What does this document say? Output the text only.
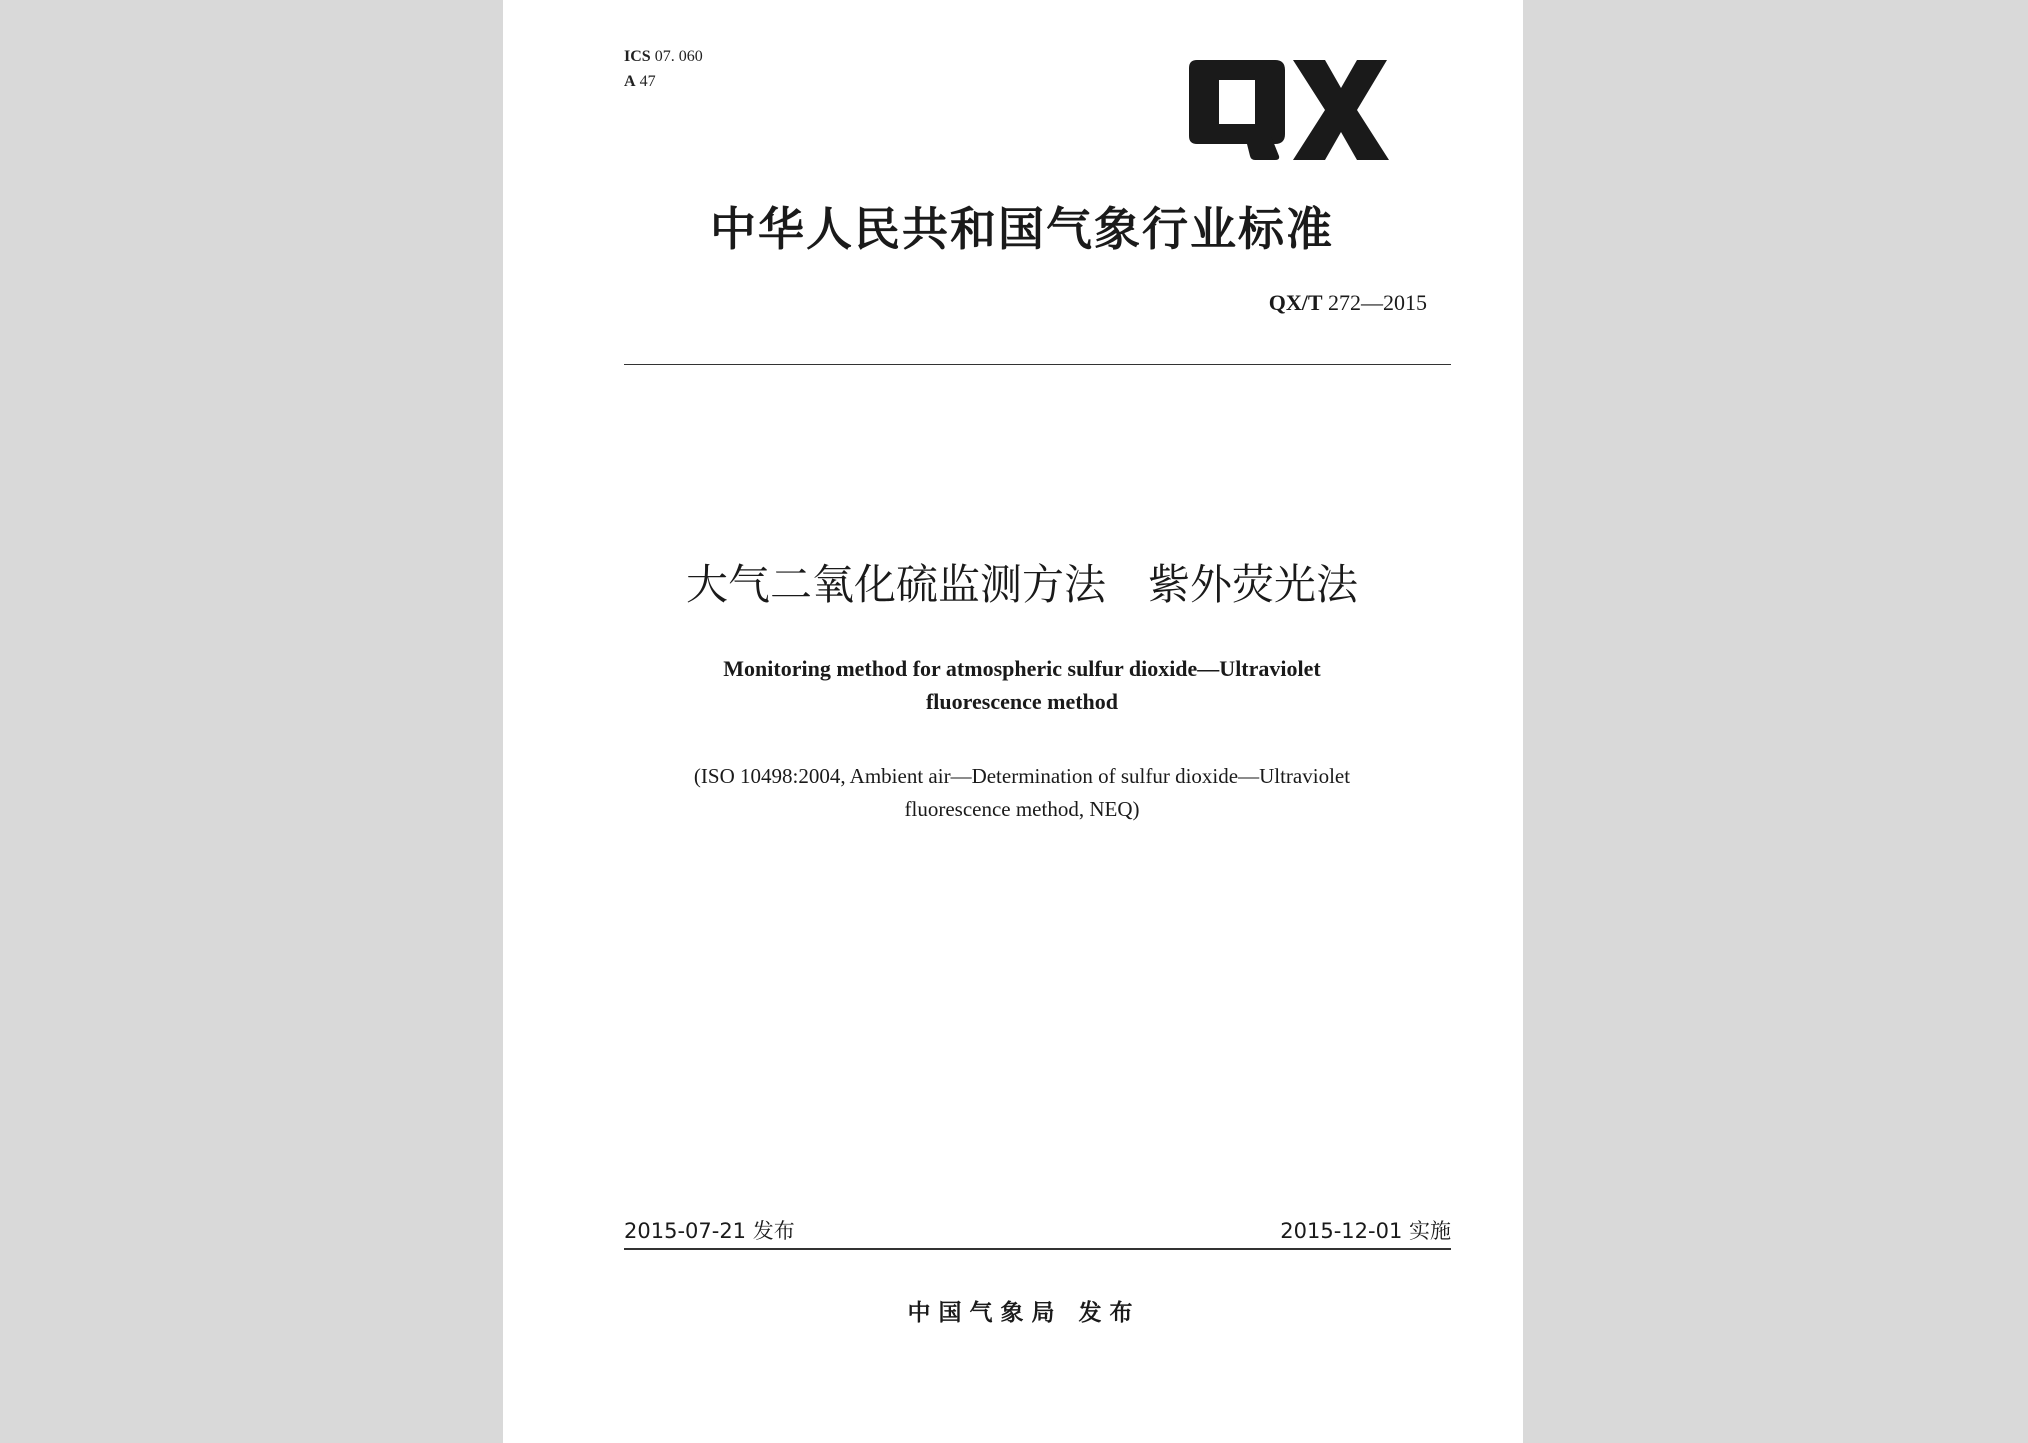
ICS 07. 060
A 47
中华人民共和国气象行业标准
QX/T 272—2015
大气二氧化硫监测方法　紫外荧光法
Monitoring method for atmospheric sulfur dioxide—Ultraviolet
fluorescence method
(ISO 10498:2004, Ambient air—Determination of sulfur dioxide—Ultraviolet
fluorescence method, NEQ)
2015-07-21 发布	2015-12-01 实施
中 国 气 象 局   发 布
